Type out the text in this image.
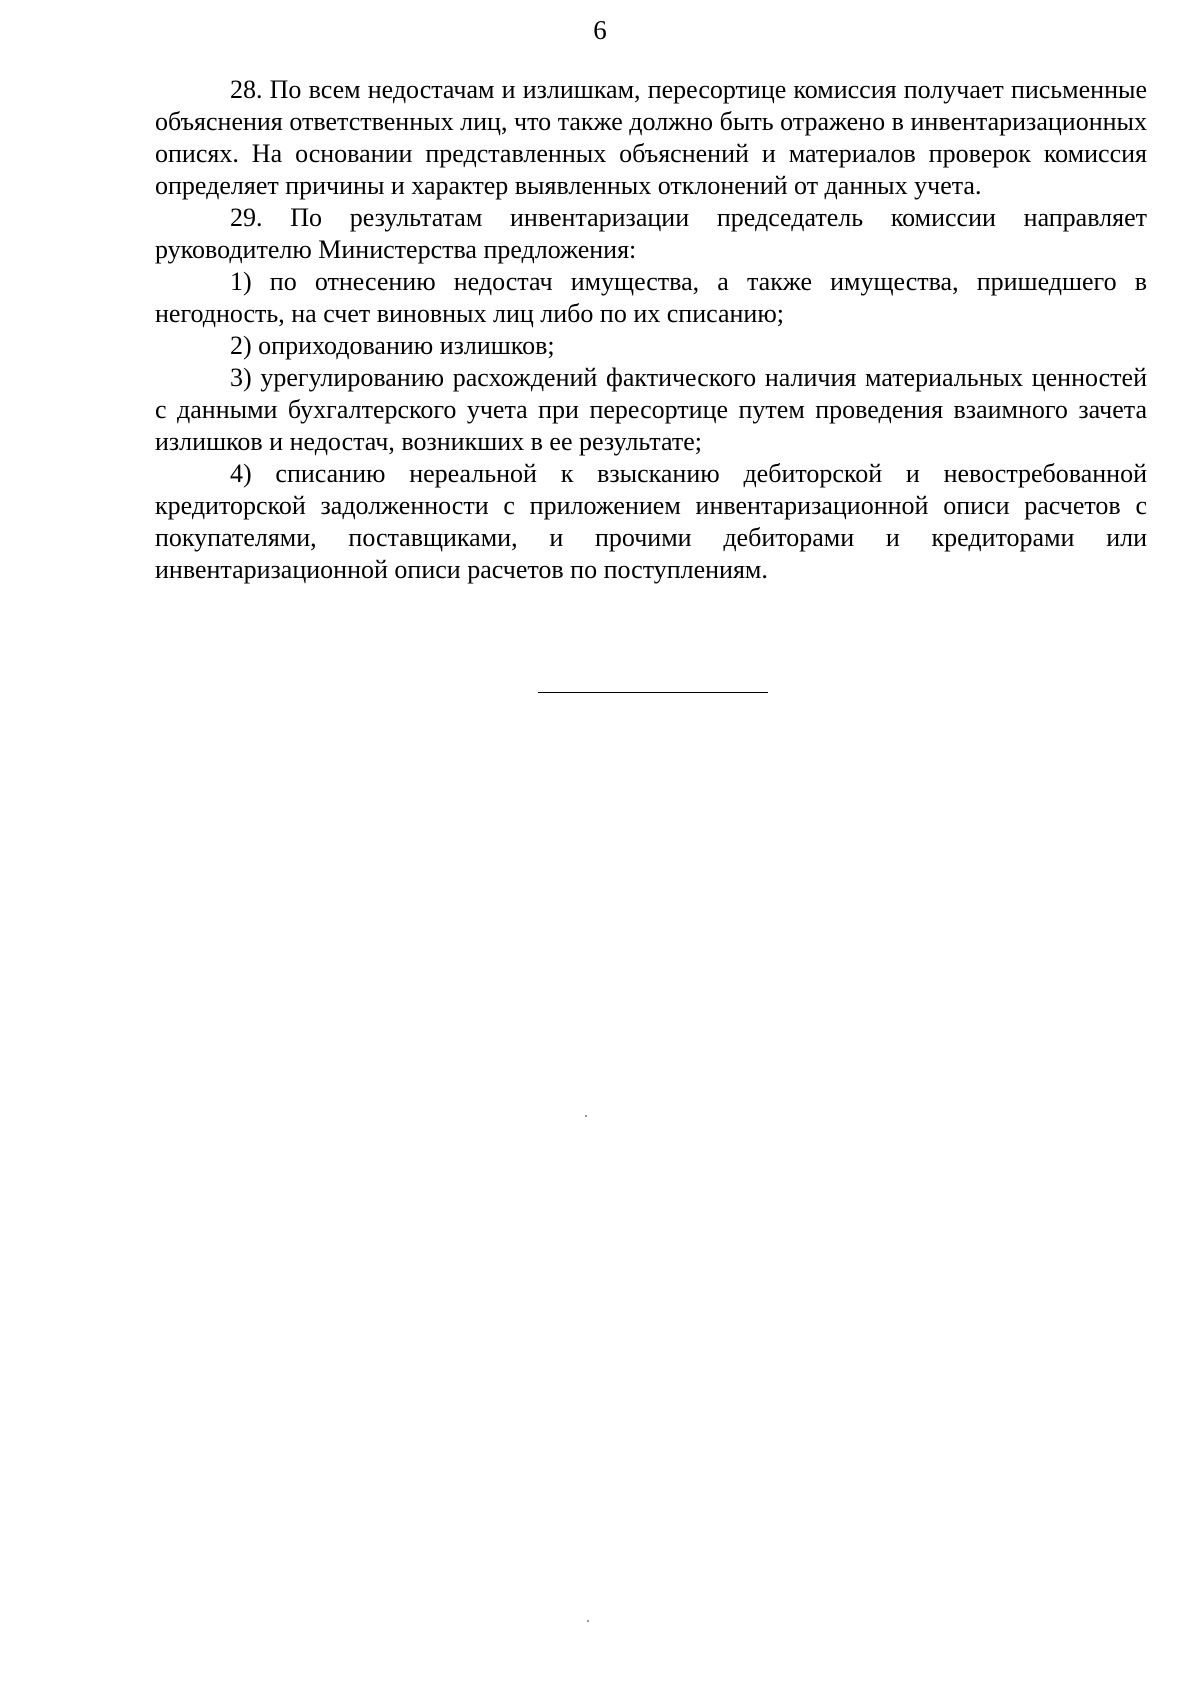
6

28. По всем недостачам и излишкам, пересортице комиссия получает письменные объяснения ответственных лиц, что также должно быть отражено в инвентаризационных описях. На основании представленных объяснений и материалов проверок комиссия определяет причины и характер выявленных отклонений от данных учета.

29. По результатам инвентаризации председатель комиссии направляет руководителю Министерства предложения:

1) по отнесению недостач имущества, а также имущества, пришедшего в негодность, на счет виновных лиц либо по их списанию;

2) оприходованию излишков;

3) урегулированию расхождений фактического наличия материальных ценностей с данными бухгалтерского учета при пересортице путем проведения взаимного зачета излишков и недостач, возникших в ее результате;

4) списанию нереальной к взысканию дебиторской и невостребованной кредиторской задолженности с приложением инвентаризационной описи расчетов с покупателями, поставщиками, и прочими дебиторами и кредиторами или инвентаризационной описи расчетов по поступлениям.
